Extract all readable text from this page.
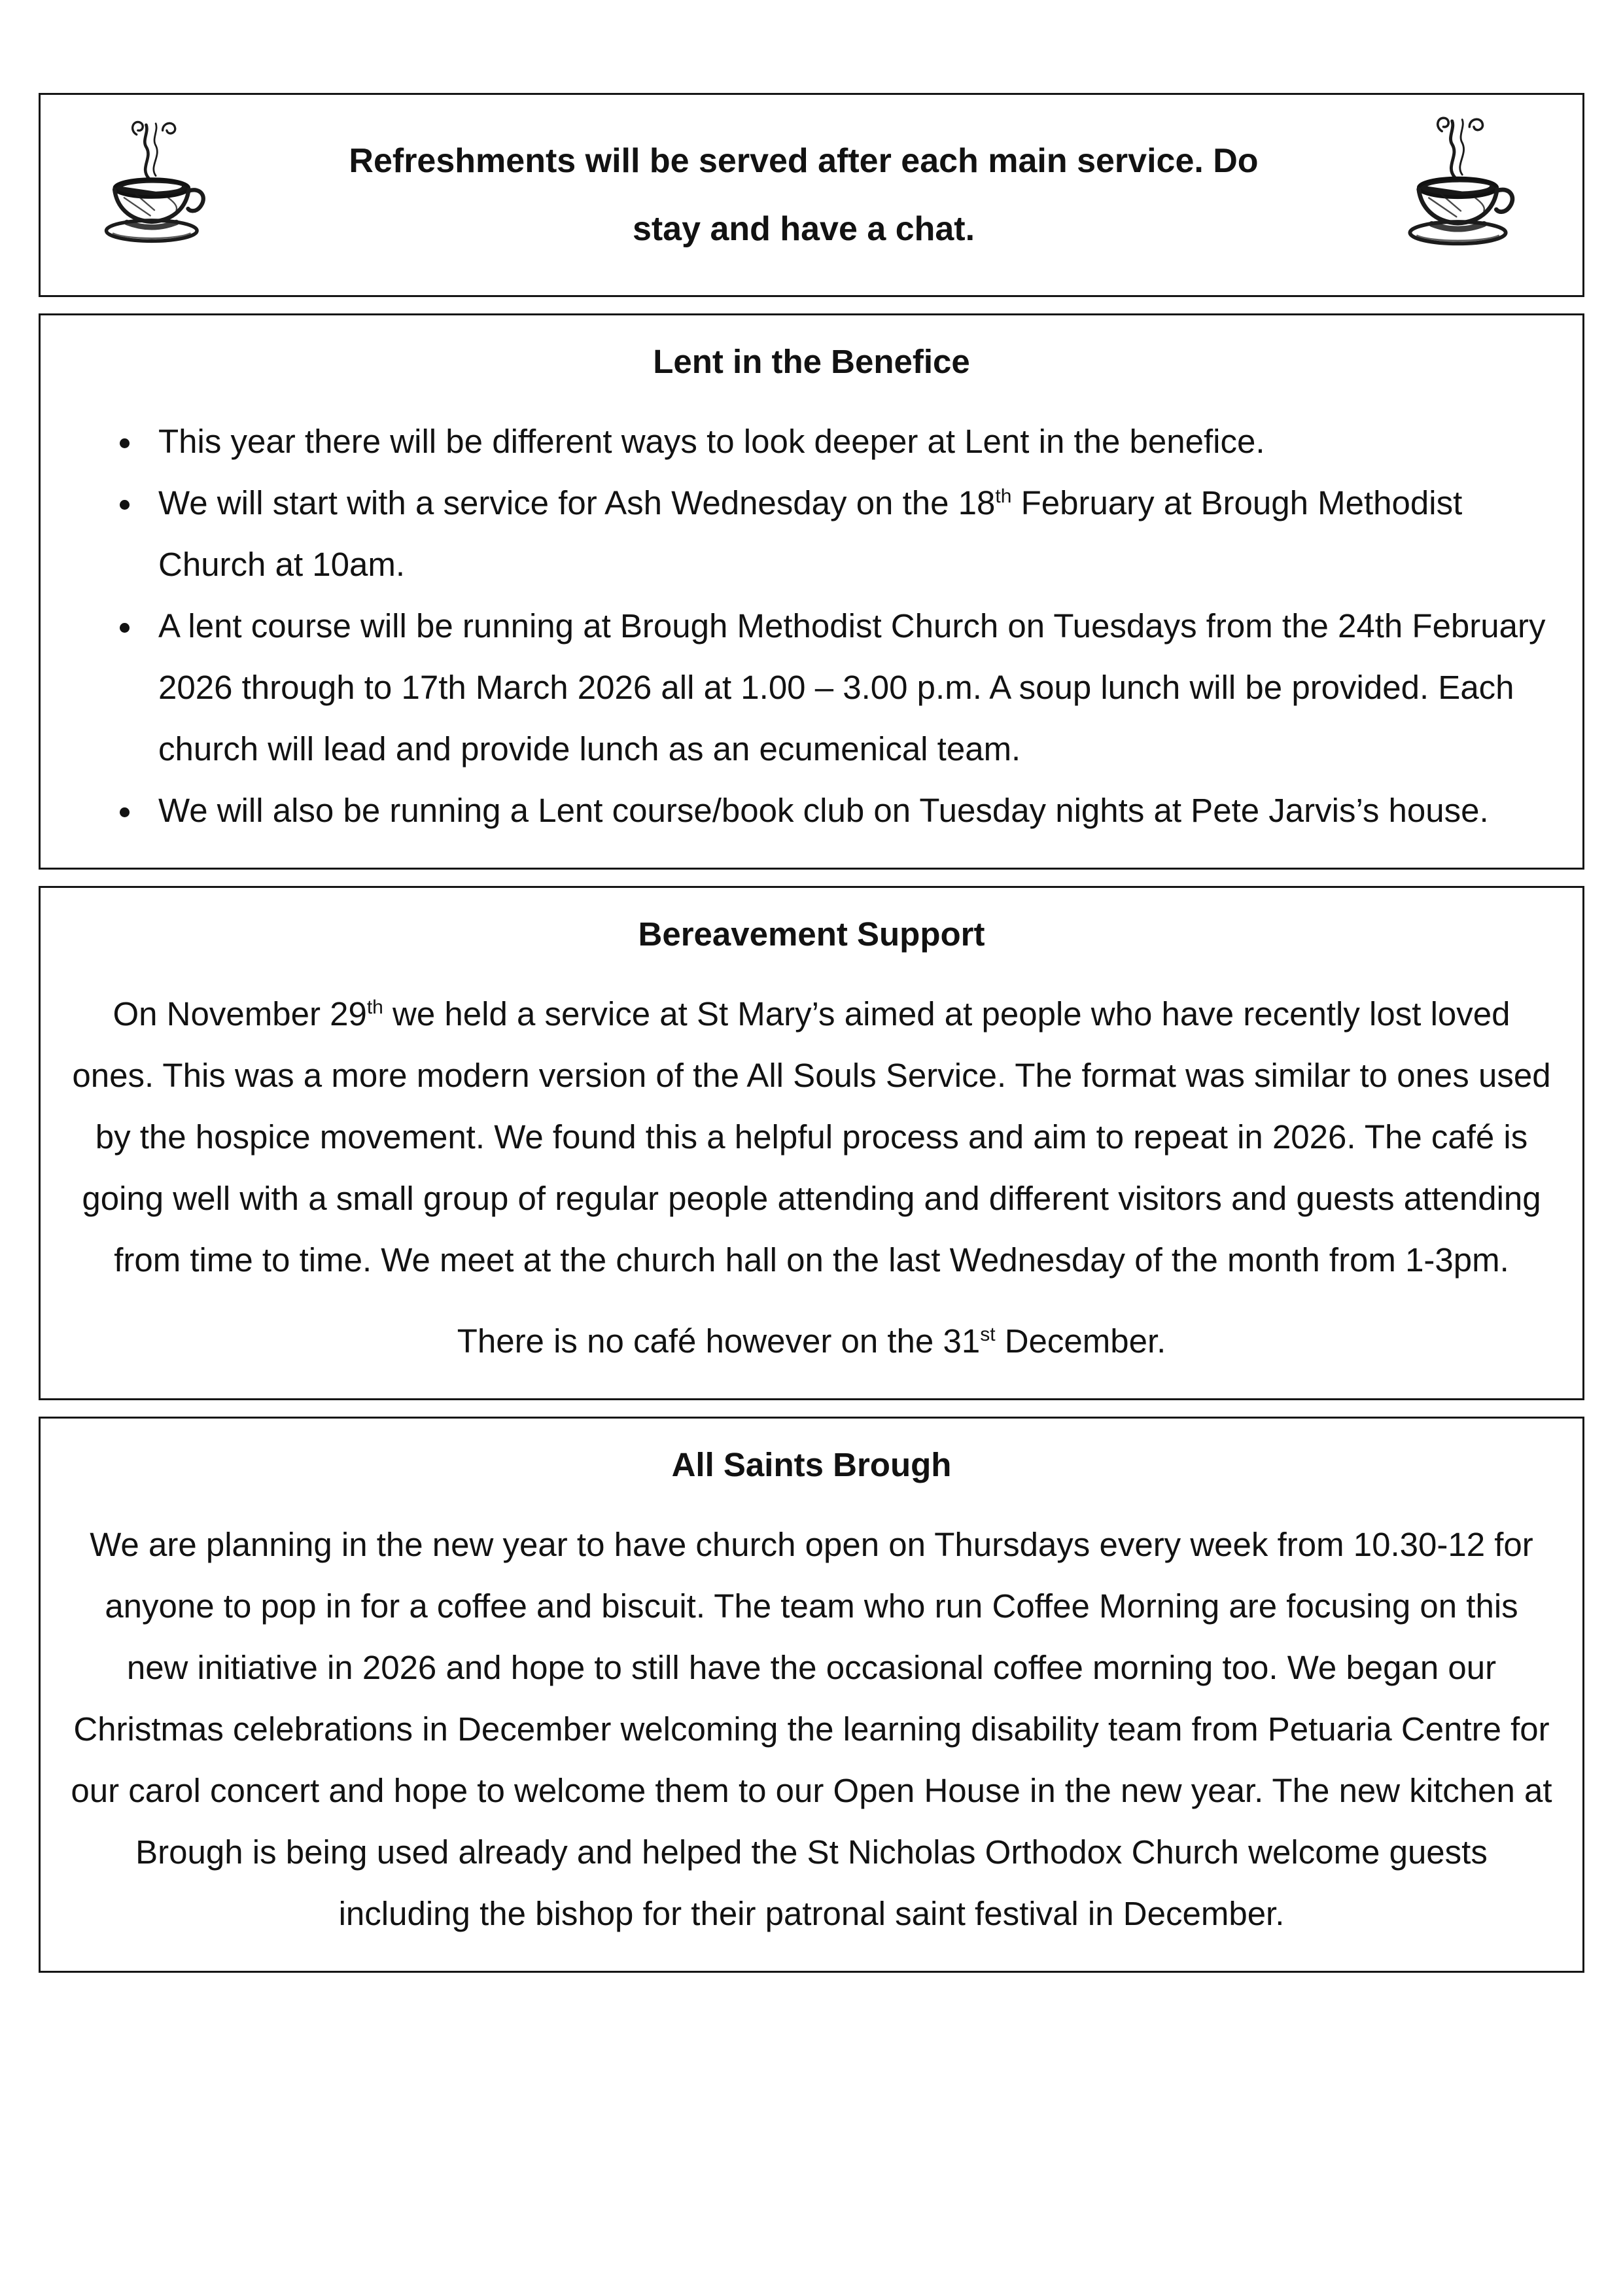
Refreshments will be served after each main service. Do
stay and have a chat.
Lent in the Benefice
• This year there will be different ways to look deeper at Lent in the benefice.
• We will start with a service for Ash Wednesday on the 18th February at Brough Methodist Church at 10am.
• A lent course will be running at Brough Methodist Church on Tuesdays from the 24th February 2026 through to 17th March 2026 all at 1.00 – 3.00 p.m. A soup lunch will be provided. Each church will lead and provide lunch as an ecumenical team.
• We will also be running a Lent course/book club on Tuesday nights at Pete Jarvis’s house.
Bereavement Support

On November 29th we held a service at St Mary’s aimed at people who have recently lost loved ones. This was a more modern version of the All Souls Service. The format was similar to ones used by the hospice movement. We found this a helpful process and aim to repeat in 2026. The café is going well with a small group of regular people attending and different visitors and guests attending from time to time. We meet at the church hall on the last Wednesday of the month from 1-3pm.

There is no café however on the 31st December.

All Saints Brough

We are planning in the new year to have church open on Thursdays every week from 10.30-12 for anyone to pop in for a coffee and biscuit. The team who run Coffee Morning are focusing on this new initiative in 2026 and hope to still have the occasional coffee morning too. We began our Christmas celebrations in December welcoming the learning disability team from Petuaria Centre for our carol concert and hope to welcome them to our Open House in the new year. The new kitchen at Brough is being used already and helped the St Nicholas Orthodox Church welcome guests including the bishop for their patronal saint festival in December.
